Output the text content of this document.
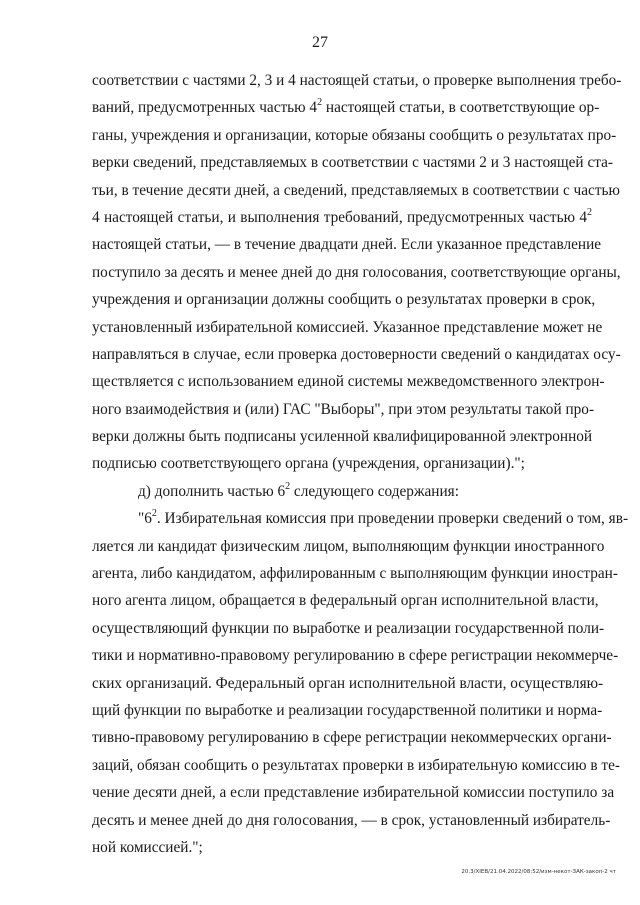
27
соответствии с частями 2, 3 и 4 настоящей статьи, о проверке выполнения требо-
ваний, предусмотренных частью $4^2$ настоящей статьи, в соответствующие ор-
ганы, учреждения и организации, которые обязаны сообщить о результатах про-
верки сведений, представляемых в соответствии с частями 2 и 3 настоящей ста-
тьи, в течение десяти дней, а сведений, представляемых в соответствии с частью
4 настоящей статьи, и выполнения требований, предусмотренных частью $4^2$
настоящей статьи, — в течение двадцати дней. Если указанное представление
поступило за десять и менее дней до дня голосования, соответствующие органы,
учреждения и организации должны сообщить о результатах проверки в срок,
установленный избирательной комиссией. Указанное представление может не
направляться в случае, если проверка достоверности сведений о кандидатах осу-
ществляется с использованием единой системы межведомственного электрон-
ного взаимодействия и (или) ГАС "Выборы", при этом результаты такой про-
верки должны быть подписаны усиленной квалифицированной электронной
подписью соответствующего органа (учреждения, организации).";
д) дополнить частью $6^2$ следующего содержания:
"$6^2$. Избирательная комиссия при проведении проверки сведений о том, яв-
ляется ли кандидат физическим лицом, выполняющим функции иностранного
агента, либо кандидатом, аффилированным с выполняющим функции иностран-
ного агента лицом, обращается в федеральный орган исполнительной власти,
осуществляющий функции по выработке и реализации государственной поли-
тики и нормативно-правовому регулированию в сфере регистрации некоммерче-
ских организаций. Федеральный орган исполнительной власти, осуществляю-
щий функции по выработке и реализации государственной политики и норма-
тивно-правовому регулированию в сфере регистрации некоммерческих органи-
заций, обязан сообщить о результатах проверки в избирательную комиссию в те-
чение десяти дней, а если представление избирательной комиссии поступило за
десять и менее дней до дня голосования, — в срок, установленный избиратель-
ной комиссией.";
20.3/ХIЕВ/21.04.2022/08:52/изм-некот-ЗАК-закоп-2 чт
